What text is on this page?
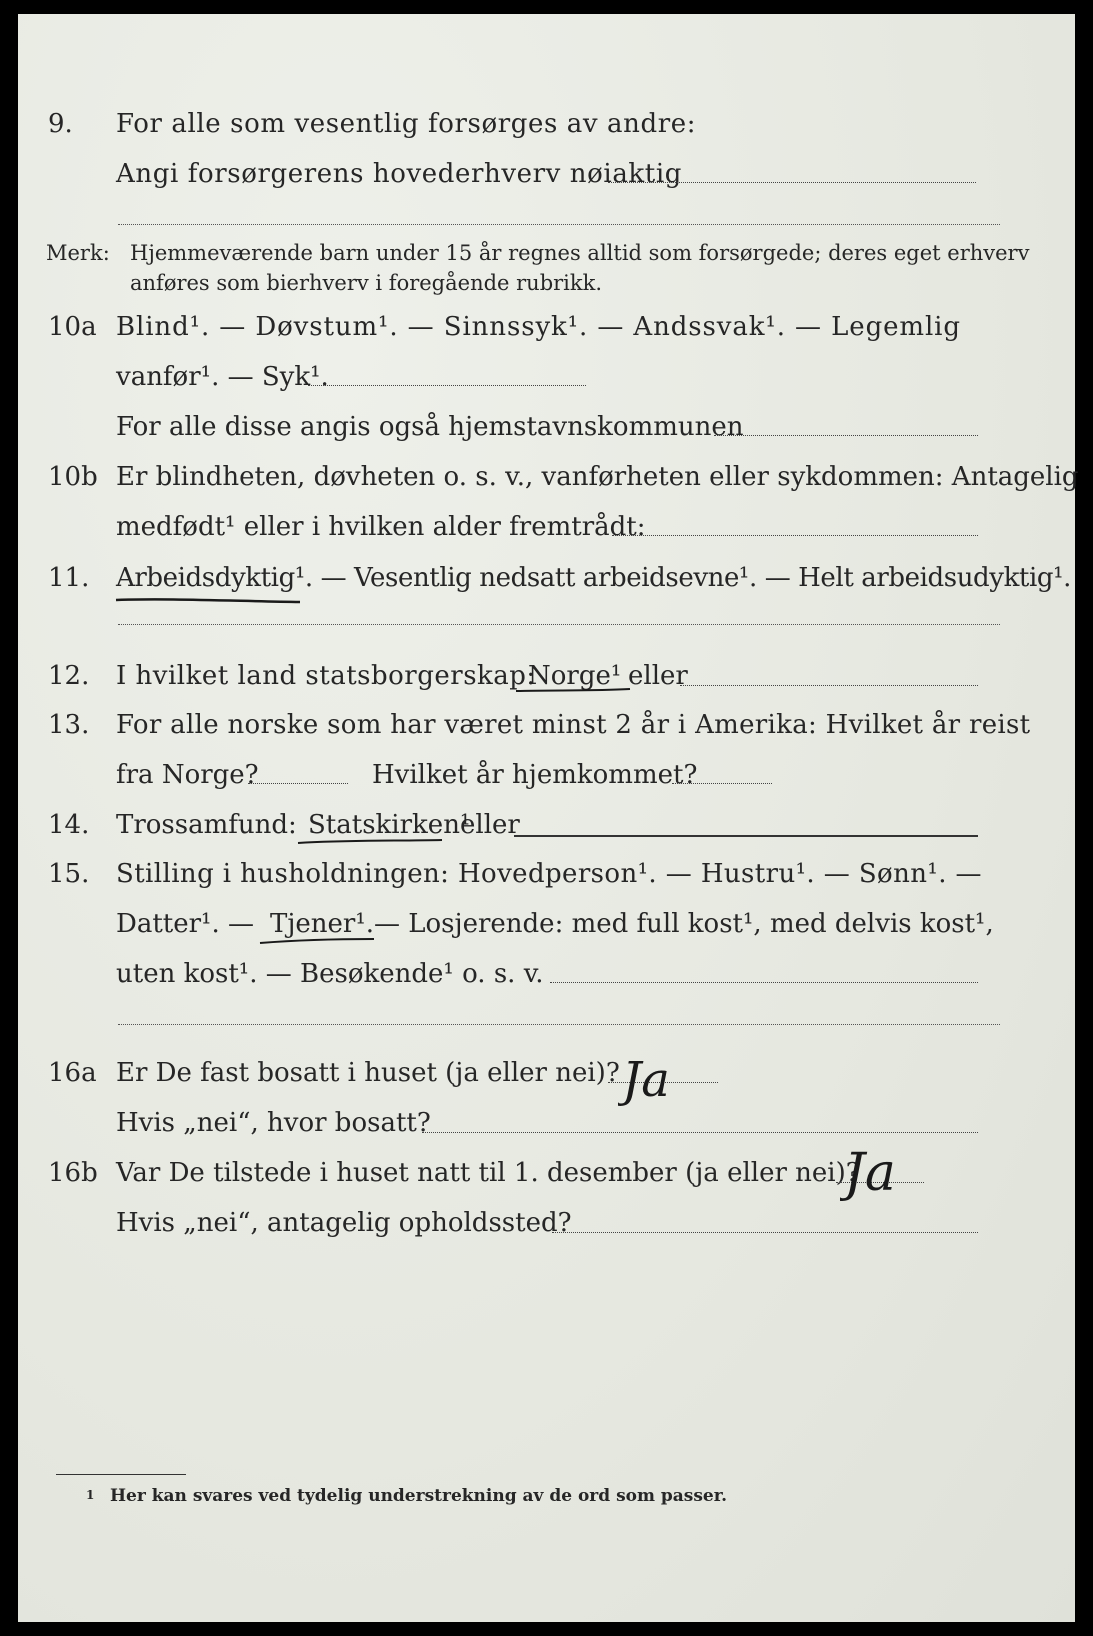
9. For alle som vesentlig forsørges av andre:
Angi forsørgerens hovederhverv nøiaktig
Merk: Hjemmeværende barn under 15 år regnes alltid som forsørgede; deres eget erhverv
anføres som bierhverv i foregående rubrikk.
10a Blind¹. — Døvstum¹. — Sinnssyk¹. — Andssvak¹. — Legemlig
vanfør¹. — Syk¹.
For alle disse angis også hjemstavnskommunen
10b Er blindheten, døvheten o. s. v., vanførheten eller sykdommen: Antagelig
medfødt¹ eller i hvilken alder fremtrådt:
11. Arbeidsdyktig¹. — Vesentlig nedsatt arbeidsevne¹. — Helt arbeidsudyktig¹.
12. I hvilket land statsborgerskap:
Norge¹ eller
13. For alle norske som har været minst 2 år i Amerika: Hvilket år reist
fra Norge?	Hvilket år hjemkommet?
14. Trossamfund: Statskirken¹
eller
15. Stilling i husholdningen: Hovedperson¹. — Hustru¹. — Sønn¹. —
Datter¹. — Tjener¹. — Losjerende: med full kost¹, med delvis kost¹,
uten kost¹. — Besøkende¹ o. s. v.
16a Er De fast bosatt i huset (ja eller nei)? Ja
Hvis „nei“, hvor bosatt?
16b Var De tilstede i huset natt til 1. desember (ja eller nei)?
Ja
Hvis „nei“, antagelig opholdssted?
1 Her kan svares ved tydelig understrekning av de ord som passer.
